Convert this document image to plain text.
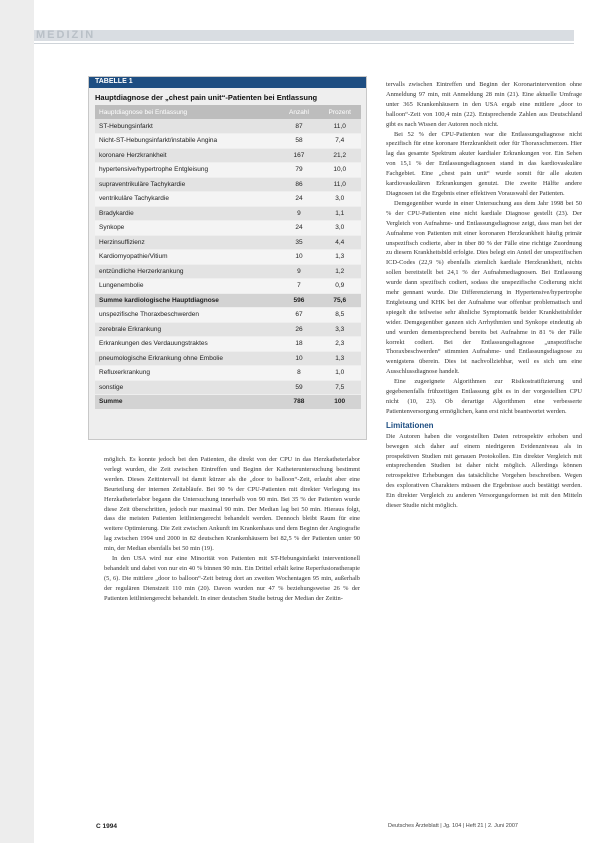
MEDIZIN
TABELLE 1
Hauptdiagnose der „chest pain unit“-Patienten bei Entlassung
Hauptdiagnose bei Entlassung	Anzahl	Prozent
ST-Hebungsinfarkt	87	11,0
Nicht-ST-Hebungsinfarkt/instabile Angina	58	7,4
koronare Herzkrankheit	167	21,2
hypertensive/hypertrophe Entgleisung	79	10,0
supraventrikuläre Tachykardie	86	11,0
ventrikuläre Tachykardie	24	3,0
Bradykardie	9	1,1
Synkope	24	3,0
Herzinsuffizienz	35	4,4
Kardiomyopathie/Vitium	10	1,3
entzündliche Herzerkrankung	9	1,2
Lungenembolie	7	0,9
Summe kardiologische Hauptdiagnose	596	75,6
unspezifische Thoraxbeschwerden	67	8,5
zerebrale Erkrankung	26	3,3
Erkrankungen des Verdauungstraktes	18	2,3
pneumologische Erkrankung ohne Embolie	10	1,3
Refluxerkrankung	8	1,0
sonstige	59	7,5
Summe	788	100

möglich. Es konnte jedoch bei den Patienten, die direkt von der CPU in das Herzkatheterlabor verlegt wurden, die Zeit zwischen Eintreffen und Beginn der Katheteruntersuchung bestimmt werden. Dieses Zeitintervall ist damit kürzer als die „door to balloon“-Zeit, erlaubt aber eine Beurteilung der internen Zeitabläufe. Bei 90 % der CPU-Patienten mit direkter Verlegung ins Herzkatheterlabor begann die Untersuchung innerhalb von 90 min. Bei 35 % der Patienten wurde diese Zeit überschritten, jedoch nur maximal 90 min. Der Median lag bei 50 min. Hieraus folgt, dass die meisten Patienten leitliniengerecht behandelt werden. Dennoch bleibt Raum für eine weitere Optimierung. Die Zeit zwischen Ankunft im Krankenhaus und dem Beginn der Angiografie lag zwischen 1994 und 2000 in 82 deutschen Krankenhäusern bei 82,5 % der Patienten unter 90 min, der Median ebenfalls bei 50 min (19).

In den USA wird nur eine Minorität von Patienten mit ST-Hebungsinfarkt interventionell behandelt und dabei von nur ein 40 % binnen 90 min. Ein Drittel erhält keine Reperfusionstherapie (5, 6). Die mittlere „door to balloon“-Zeit betrug dort an zweiten Wochentagen 95 min, außerhalb der regulären Dienstzeit 110 min (20). Davon wurden nur 47 % beziehungsweise 26 % der Patienten leitliniengerecht behandelt. In einer deutschen Studie betrug der Median der Zeitin-

tervalls zwischen Eintreffen und Beginn der Koronarintervention ohne Anmeldung 97 min, mit Anmeldung 28 min (21). Eine aktuelle Umfrage unter 365 Krankenhäusern in den USA ergab eine mittlere „door to balloon“-Zeit von 100,4 min (22). Entsprechende Zahlen aus Deutschland gibt es nach Wissen der Autoren noch nicht.

Bei 52 % der CPU-Patienten war die Entlassungsdiagnose nicht spezifisch für eine koronare Herzkrankheit oder für Thoraxschmerzen. Hier lag das gesamte Spektrum akuter kardialer Erkrankungen vor. Ein Sehen von 15,1 % der Entlassungsdiagnosen stand in das kardiovaskuläre Fachgebiet. Eine „chest pain unit“ wurde somit für alle akuten kardiovaskulären Erkrankungen genutzt. Die zweite Hälfte andere Diagnosen ist die Ergebnis einer effektiven Vorauswahl der Patienten.

Demgegenüber wurde in einer Untersuchung aus dem Jahr 1998 bei 50 % der CPU-Patienten eine nicht kardiale Diagnose gestellt (23). Der Vergleich von Aufnahme- und Entlassungsdiagnose zeigt, dass man bei der Aufnahme von Patienten mit einer koronaren Herzkrankheit häufig primär unspezifisch codierte, aber in über 80 % der Fälle eine richtige Zuordnung zu diesem Krankheitsbild erfolgte. Dies belegt ein Anteil der unspezifischen ICD-Codes (22,9 %) ebenfalls ziemlich kardiale Herzkrankheit, nichts sollen bereitstellt bei 24,1 % der Aufnahmediagnosen. Bei Entlassung wurde dann spezifisch codiert, sodass die unspezifische Codierung nicht mehr gennant wurde. Die Differenzierung in Hypertensive/hypertrophe Entgleisung und KHK bei der Aufnahme war offenbar problematisch und spiegelt die teilweise sehr ähnliche Symptomatik beider Krankheitsbilder wider. Demgegenüber ganzen sich Arrhythmien und Synkope eindeutig ab und wurden dementsprechend bereits bei Aufnahme in 81 % der Fälle korrekt codiert. Bei der Entlassungsdiagnose „unspezifische Thoraxbeschwerden“ stimmten Aufnahme- und Entlassungsdiagnose zu wenigstens überein. Dies ist nachvollziehbar, weil es sich um eine Ausschlussdiagnose handelt.

Eine zugeeignete Algorithmen zur Risikostratifizierung und gegebenenfalls frühzeitigen Entlassung gibt es in der vorgestellten CPU nicht (10, 23). Ob derartige Algorithmen eine verbesserte Patientenversorgung ermöglichen, kann erst nicht beantwortet werden.

Limitationen

Die Autoren haben die vorgestellten Daten retrospektiv erhoben und bewegen sich daher auf einem niedrigeren Evidenzniveau als in prospektiven Studien mit genauen Protokollen. Ein direkter Vergleich mit entsprechenden Studien ist daher nicht möglich. Allerdings können retrospektive Erhebungen das tatsächliche Vorgehen beschreiben. Wegen des explorativen Charakters müssen die Ergebnisse auch bestätigt werden. Ein direkter Vergleich zu anderen Versorgungsformen ist mit den Mitteln dieser Studie nicht möglich.

C 1994	Deutsches Ärzteblatt | Jg. 104 | Heft 21 | 2. Juni 2007
